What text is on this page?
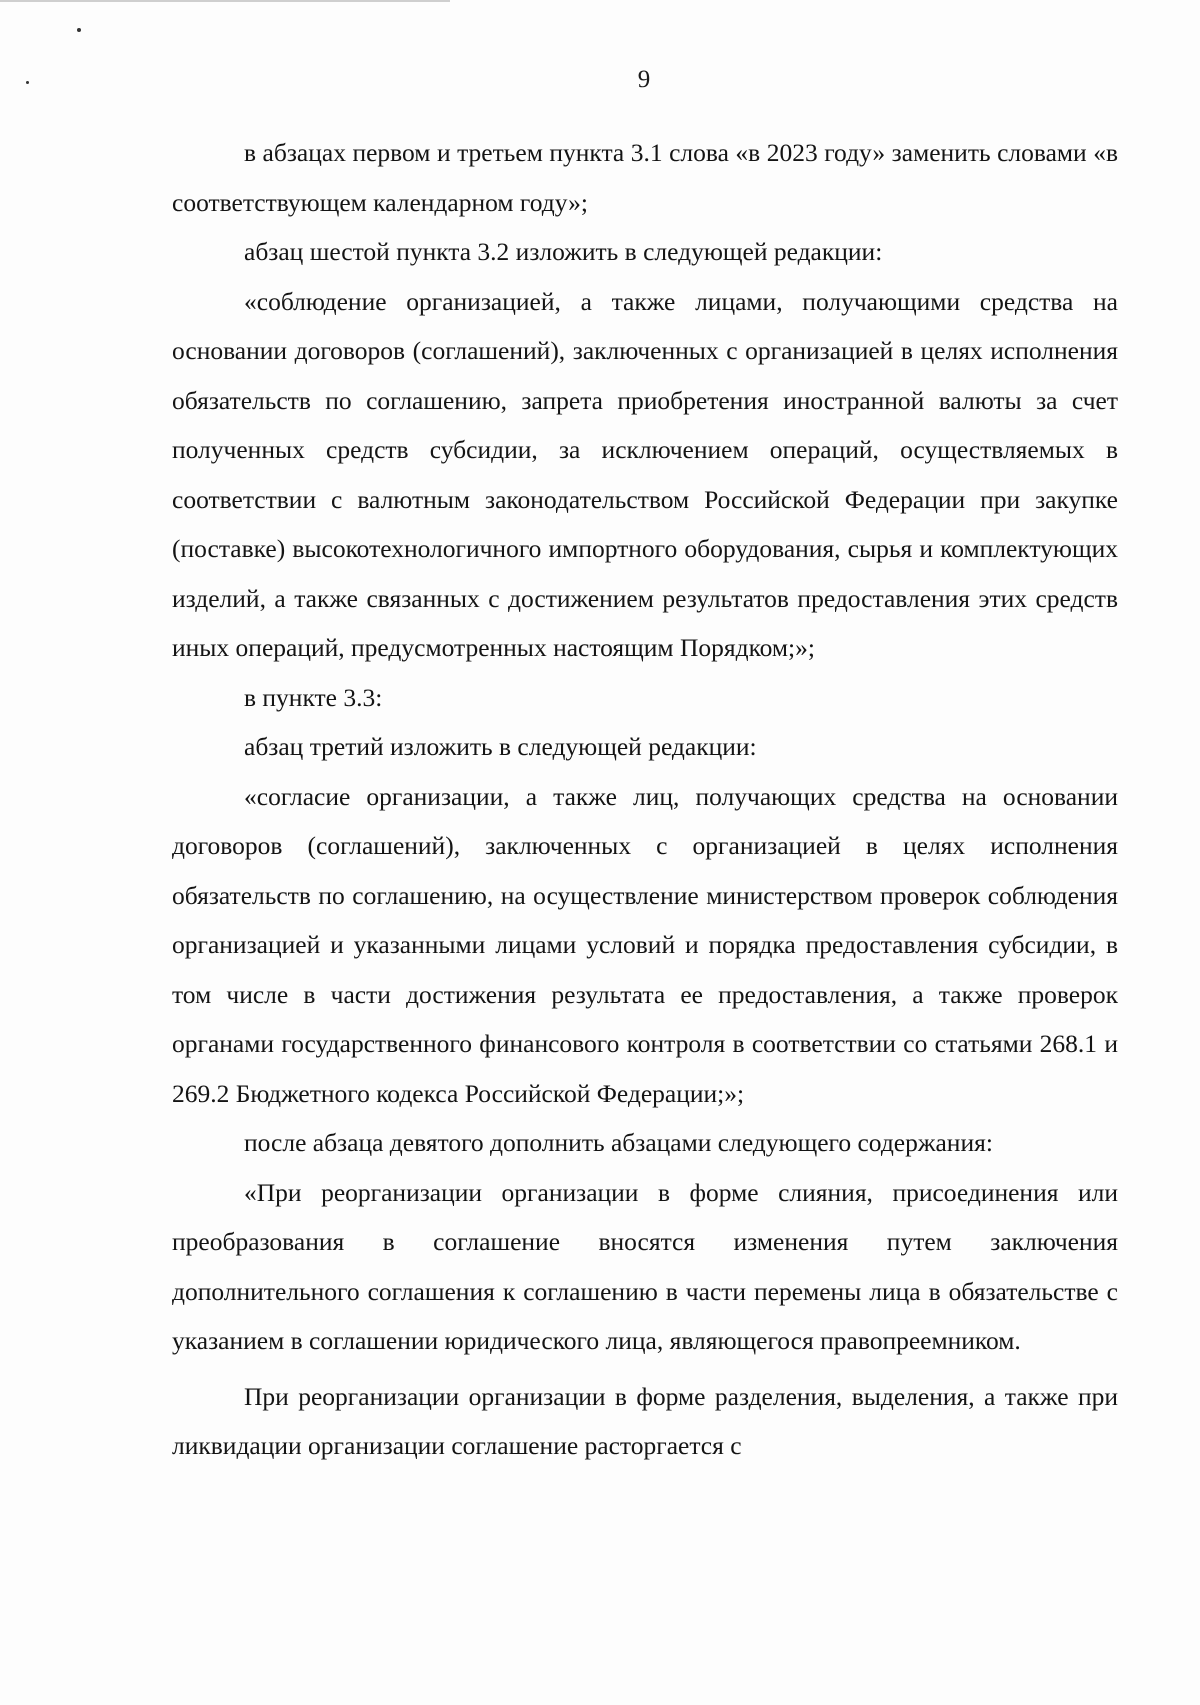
9

в абзацах первом и третьем пункта 3.1 слова «в 2023 году» заменить словами «в соответствующем календарном году»;

абзац шестой пункта 3.2 изложить в следующей редакции:

«соблюдение организацией, а также лицами, получающими средства на основании договоров (соглашений), заключенных с организацией в целях исполнения обязательств по соглашению, запрета приобретения иностранной валюты за счет полученных средств субсидии, за исключением операций, осуществляемых в соответствии с валютным законодательством Российской Федерации при закупке (поставке) высокотехнологичного импортного оборудования, сырья и комплектующих изделий, а также связанных с достижением результатов предоставления этих средств иных операций, предусмотренных настоящим Порядком;»;

в пункте 3.3:

абзац третий изложить в следующей редакции:

«согласие организации, а также лиц, получающих средства на основании договоров (соглашений), заключенных с организацией в целях исполнения обязательств по соглашению, на осуществление министерством проверок соблюдения организацией и указанными лицами условий и порядка предоставления субсидии, в том числе в части достижения результата ее предоставления, а также проверок органами государственного финансового контроля в соответствии со статьями 268.1 и 269.2 Бюджетного кодекса Российской Федерации;»;

после абзаца девятого дополнить абзацами следующего содержания:

«При реорганизации организации в форме слияния, присоединения или преобразования в соглашение вносятся изменения путем заключения дополнительного соглашения к соглашению в части перемены лица в обязательстве с указанием в соглашении юридического лица, являющегося правопреемником.

При реорганизации организации в форме разделения, выделения, а также при ликвидации организации соглашение расторгается с
